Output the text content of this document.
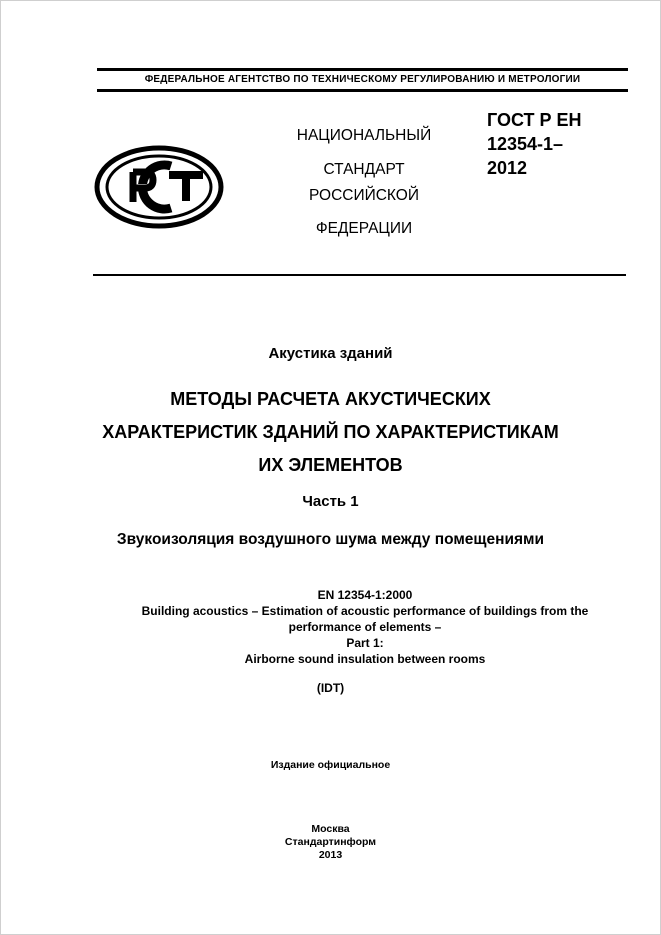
ФЕДЕРАЛЬНОЕ АГЕНТСТВО ПО ТЕХНИЧЕСКОМУ РЕГУЛИРОВАНИЮ И МЕТРОЛОГИИ
НАЦИОНАЛЬНЫЙ
СТАНДАРТ
РОССИЙСКОЙ
ФЕДЕРАЦИИ
ГОСТ Р ЕН
12354-1–
2012
Акустика зданий
МЕТОДЫ РАСЧЕТА АКУСТИЧЕСКИХ
ХАРАКТЕРИСТИК ЗДАНИЙ ПО ХАРАКТЕРИСТИКАМ
ИХ ЭЛЕМЕНТОВ
Часть 1
Звукоизоляция воздушного шума между помещениями
EN 12354-1:2000
Building acoustics – Estimation of acoustic performance of buildings from the
performance of elements –
Part 1:
Airborne sound insulation between rooms
(IDT)
Издание официальное
Москва
Стандартинформ
2013
